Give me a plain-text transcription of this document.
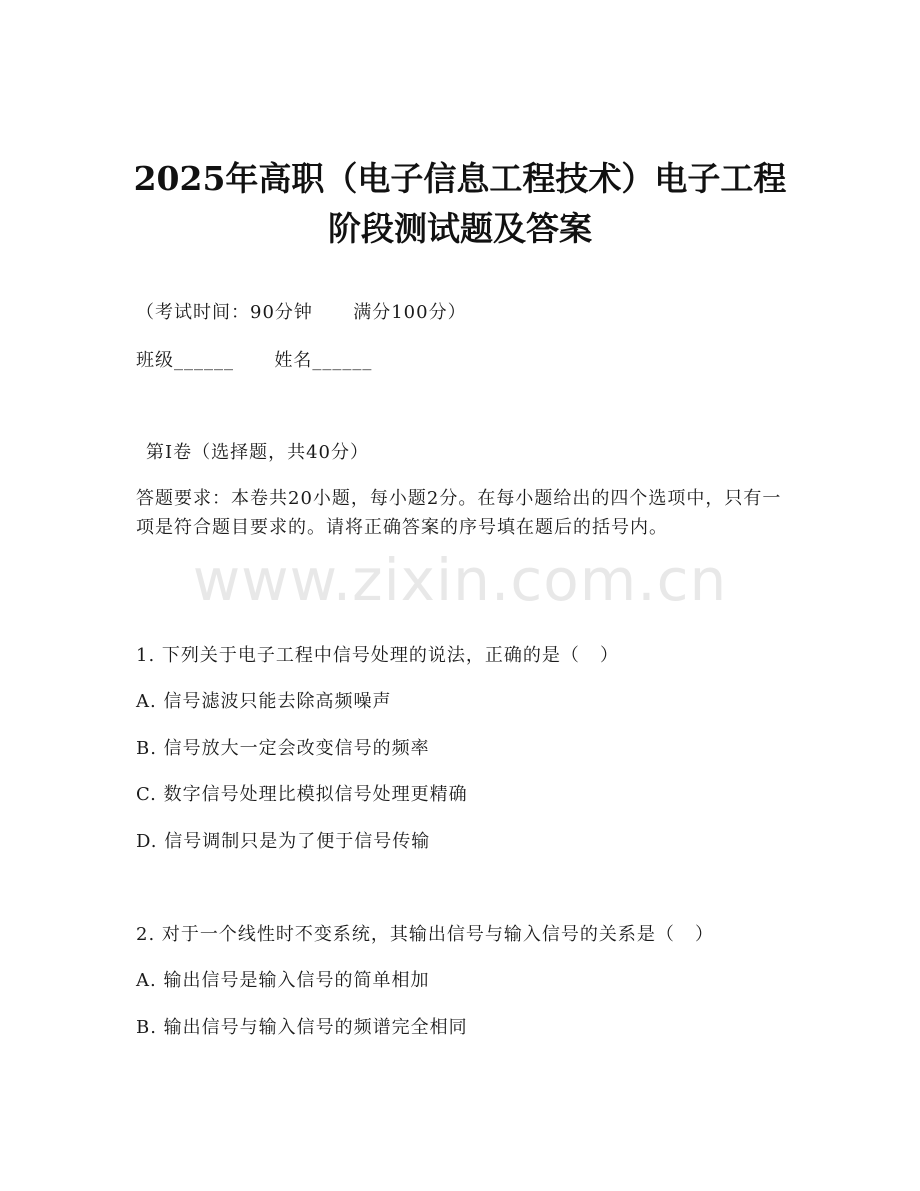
2025年高职（电子信息工程技术）电子工程
阶段测试题及答案
（考试时间：90分钟      满分100分）
班级______      姓名______
第I卷（选择题，共40分）
答题要求：本卷共20小题，每小题2分。在每小题给出的四个选项中，只有一项是符合题目要求的。请将正确答案的序号填在题后的括号内。
www.zixin.com.cn
1. 下列关于电子工程中信号处理的说法，正确的是（   ）
A. 信号滤波只能去除高频噪声
B. 信号放大一定会改变信号的频率
C. 数字信号处理比模拟信号处理更精确
D. 信号调制只是为了便于信号传输
2. 对于一个线性时不变系统，其输出信号与输入信号的关系是（   ）
A. 输出信号是输入信号的简单相加
B. 输出信号与输入信号的频谱完全相同
